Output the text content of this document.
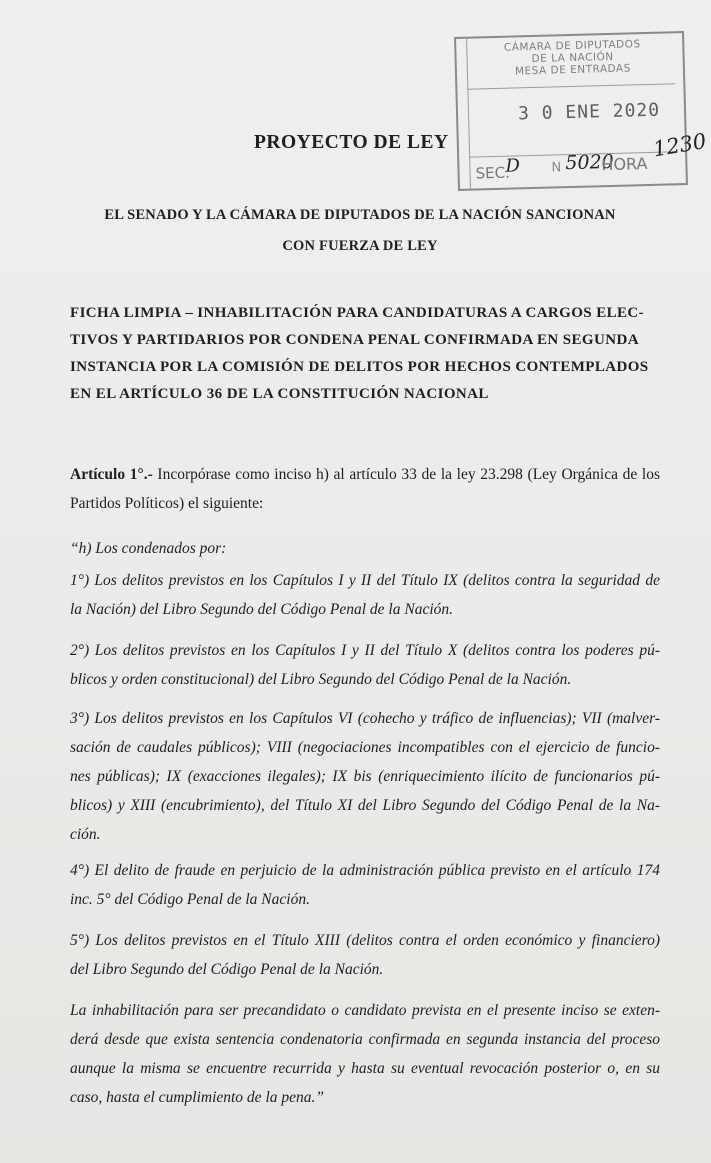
CÁMARA DE DIPUTADOS
DE LA NACIÓN
MESA DE ENTRADAS
3 0 ENE 2020
SEC.
D N 5020
HORA
1230
PROYECTO DE LEY
EL SENADO Y LA CÁMARA DE DIPUTADOS DE LA NACIÓN SANCIONAN
CON FUERZA DE LEY
FICHA LIMPIA – INHABILITACIÓN PARA CANDIDATURAS A CARGOS ELEC-
TIVOS Y PARTIDARIOS POR CONDENA PENAL CONFIRMADA EN SEGUNDA
INSTANCIA POR LA COMISIÓN DE DELITOS POR HECHOS CONTEMPLADOS
EN EL ARTÍCULO 36 DE LA CONSTITUCIÓN NACIONAL
Artículo 1°.- Incorpórase como inciso h) al artículo 33 de la ley 23.298 (Ley Orgánica de los
Partidos Políticos) el siguiente:
“h) Los condenados por:
1°) Los delitos previstos en los Capítulos I y II del Título IX (delitos contra la seguridad de
la Nación) del Libro Segundo del Código Penal de la Nación.
2°) Los delitos previstos en los Capítulos I y II del Título X (delitos contra los poderes pú-
blicos y orden constitucional) del Libro Segundo del Código Penal de la Nación.
3°) Los delitos previstos en los Capítulos VI (cohecho y tráfico de influencias); VII (malver-
sación de caudales públicos); VIII (negociaciones incompatibles con el ejercicio de funcio-
nes públicas); IX (exacciones ilegales); IX bis (enriquecimiento ilícito de funcionarios pú-
blicos) y XIII (encubrimiento), del Título XI del Libro Segundo del Código Penal de la Na-
ción.
4°) El delito de fraude en perjuicio de la administración pública previsto en el artículo 174
inc. 5° del Código Penal de la Nación.
5°) Los delitos previstos en el Título XIII (delitos contra el orden económico y financiero)
del Libro Segundo del Código Penal de la Nación.
La inhabilitación para ser precandidato o candidato prevista en el presente inciso se exten-
derá desde que exista sentencia condenatoria confirmada en segunda instancia del proceso
aunque la misma se encuentre recurrida y hasta su eventual revocación posterior o, en su
caso, hasta el cumplimiento de la pena.”
